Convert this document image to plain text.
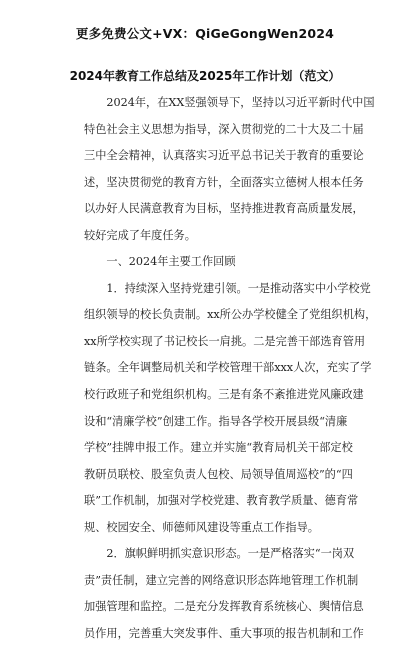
更多免费公文+VX：QiGeGongWen2024
2024年教育工作总结及2025年工作计划（范文）
　　2024年，在XX竖强领导下，坚持以习近平新时代中国
特色社会主义思想为指导，深入贯彻党的二十大及二十届
三中全会精神，认真落实习近平总书记关于教育的重要论
述，坚决贯彻党的教育方针，全面落实立德树人根本任务
以办好人民满意教育为目标，坚持推进教育高质量发展，
较好完成了年度任务。
　　一、2024年主要工作回顾
　　1．持续深入坚持党建引领。一是推动落实中小学校党
组织领导的校长负责制。xx所公办学校健全了党组织机构，
xx所学校实现了书记校长一肩挑。二是完善干部选育管用
链条。全年调整局机关和学校管理干部xxx人次，充实了学
校行政班子和党组织机构。三是有条不紊推进党风廉政建
设和“清廉学校”创建工作。指导各学校开展县级“清廉
学校”挂牌申报工作。建立并实施“教育局机关干部定校
教研员联校、股室负责人包校、局领导值周巡校”的“四
联”工作机制，加强对学校党建、教育教学质量、德育常
规、校园安全、师德师风建设等重点工作指导。
　　2．旗帜鲜明抓实意识形态。一是严格落实“一岗双
责”责任制，建立完善的网络意识形态阵地管理工作机制
加强管理和监控。二是充分发挥教育系统核心、舆情信息
员作用，完善重大突发事件、重大事项的报告机制和工作
